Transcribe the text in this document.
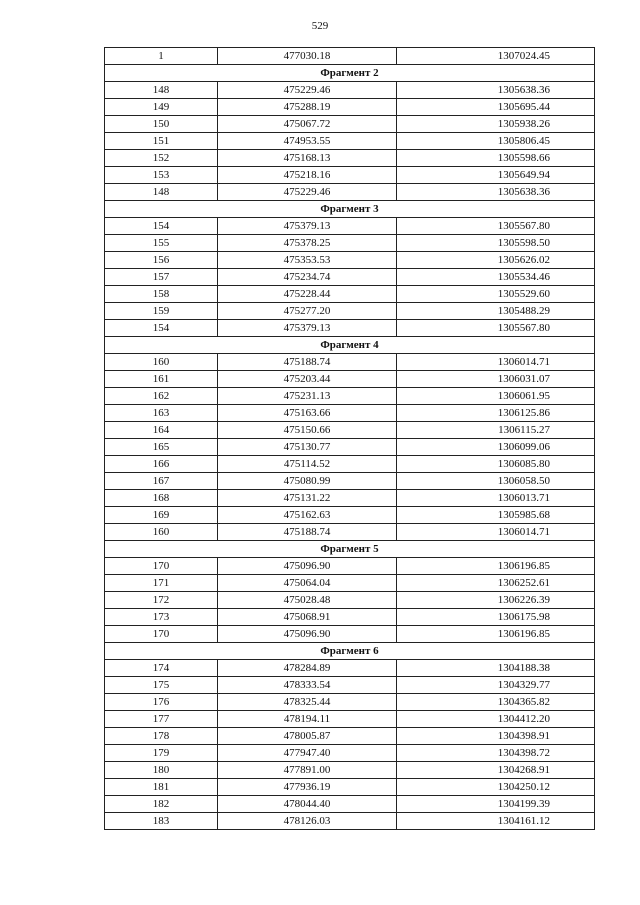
529
1	477030.18	1307024.45
Фрагмент 2		
148	475229.46	1305638.36
149	475288.19	1305695.44
150	475067.72	1305938.26
151	474953.55	1305806.45
152	475168.13	1305598.66
153	475218.16	1305649.94
148	475229.46	1305638.36
Фрагмент 3		
154	475379.13	1305567.80
155	475378.25	1305598.50
156	475353.53	1305626.02
157	475234.74	1305534.46
158	475228.44	1305529.60
159	475277.20	1305488.29
154	475379.13	1305567.80
Фрагмент 4		
160	475188.74	1306014.71
161	475203.44	1306031.07
162	475231.13	1306061.95
163	475163.66	1306125.86
164	475150.66	1306115.27
165	475130.77	1306099.06
166	475114.52	1306085.80
167	475080.99	1306058.50
168	475131.22	1306013.71
169	475162.63	1305985.68
160	475188.74	1306014.71
Фрагмент 5		
170	475096.90	1306196.85
171	475064.04	1306252.61
172	475028.48	1306226.39
173	475068.91	1306175.98
170	475096.90	1306196.85
Фрагмент 6		
174	478284.89	1304188.38
175	478333.54	1304329.77
176	478325.44	1304365.82
177	478194.11	1304412.20
178	478005.87	1304398.91
179	477947.40	1304398.72
180	477891.00	1304268.91
181	477936.19	1304250.12
182	478044.40	1304199.39
183	478126.03	1304161.12
